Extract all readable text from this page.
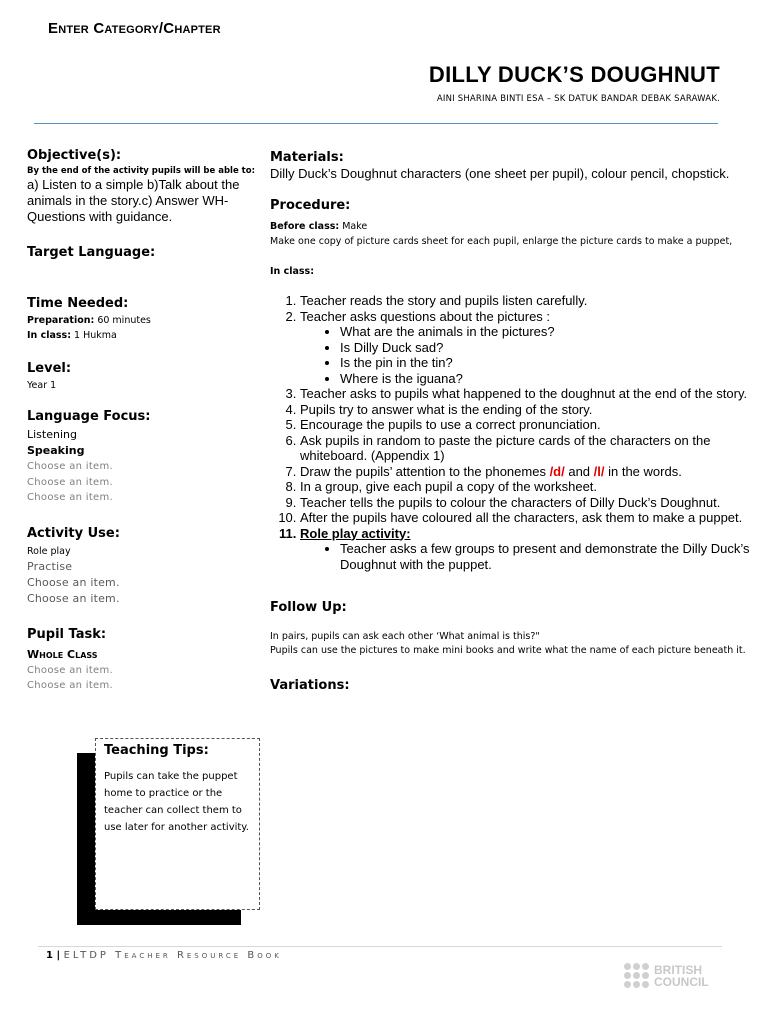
Enter Category/Chapter
DILLY DUCK’S DOUGHNUT
AINI SHARINA BINTI ESA – SK DATUK BANDAR DEBAK SARAWAK.
Objective(s):
By the end of the activity pupils will be able to:
a) Listen to a simple b)Talk about the animals in the story.c) Answer WH-Questions with guidance.
Target Language:
Time Needed:
Preparation: 60 minutes
In class: 1 Hukma
Level:
Year 1
Language Focus:
Listening
Speaking
Choose an item.
Choose an item.
Choose an item.
Activity Use:
Role play
Practise
Choose an item.
Choose an item.
Pupil Task:
Whole Class
Choose an item.
Choose an item.
Teaching Tips:
Pupils can take the puppet home to practice or the teacher can collect them to use later for another activity.
Materials:
Dilly Duck’s Doughnut characters (one sheet per pupil), colour pencil, chopstick.
Procedure:
Before class: Make
Make one copy of picture cards sheet for each pupil, enlarge the picture cards to make a puppet,
In class:
1. Teacher reads the story and pupils listen carefully.
2. Teacher asks questions about the pictures :
• What are the animals in the pictures?
• Is Dilly Duck sad?
• Is the pin in the tin?
• Where is the iguana?
3. Teacher asks to pupils what happened to the doughnut at the end of the story.
4. Pupils try to answer what is the ending of the story.
5. Encourage the pupils to use a correct pronunciation.
6. Ask pupils in random to paste the picture cards of the characters on the whiteboard. (Appendix 1)
7. Draw the pupils’ attention to the phonemes /d/ and /l/ in the words.
8. In a group, give each pupil a copy of the worksheet.
9. Teacher tells the pupils to colour the characters of Dilly Duck’s Doughnut.
10. After the pupils have coloured all the characters, ask them to make a puppet.
11. Role play activity:
• Teacher asks a few groups to present and demonstrate the Dilly Duck’s Doughnut with the puppet.
Follow Up:
In pairs, pupils can ask each other ‘What animal is this?"
Pupils can use the pictures to make mini books and write what the name of each picture beneath it.
Variations:
1 | ELTDP Teacher Resource Book
BRITISH
COUNCIL
